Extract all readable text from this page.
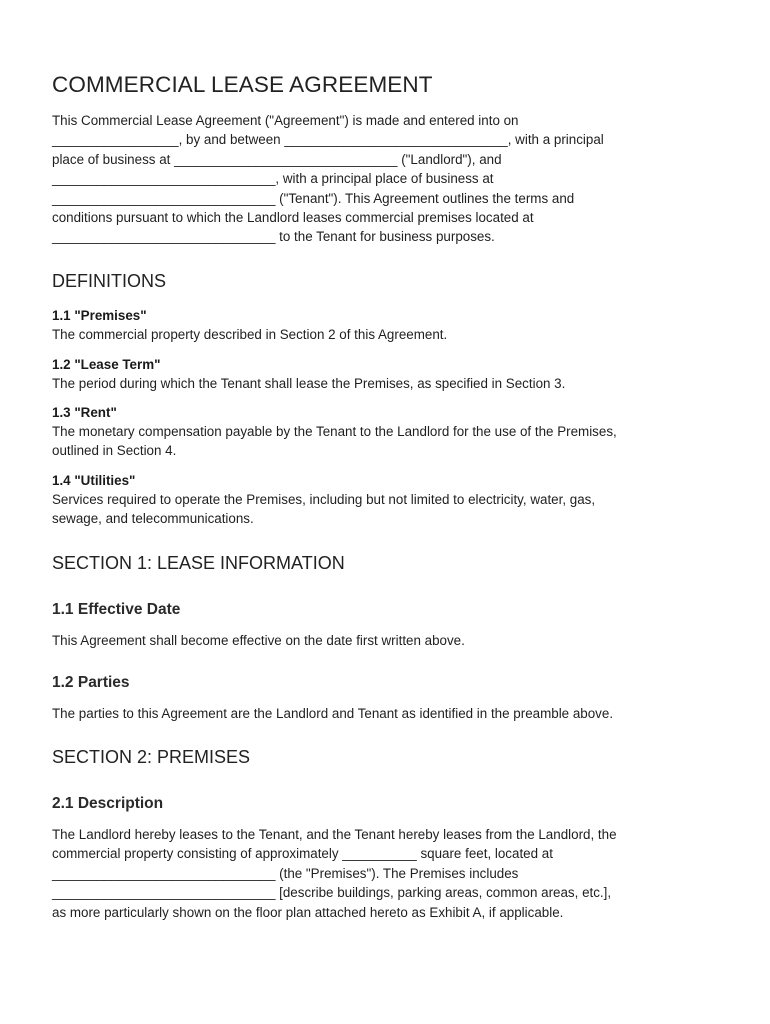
COMMERCIAL LEASE AGREEMENT

This Commercial Lease Agreement ("Agreement") is made and entered into on

_________________, by and between ______________________________, with a principal

place of business at ______________________________ ("Landlord"), and

______________________________, with a principal place of business at

______________________________ ("Tenant"). This Agreement outlines the terms and

conditions pursuant to which the Landlord leases commercial premises located at

______________________________ to the Tenant for business purposes.

DEFINITIONS

1.1 "Premises"

The commercial property described in Section 2 of this Agreement.

1.2 "Lease Term"

The period during which the Tenant shall lease the Premises, as specified in Section 3.

1.3 "Rent"

The monetary compensation payable by the Tenant to the Landlord for the use of the Premises,
outlined in Section 4.

1.4 "Utilities"

Services required to operate the Premises, including but not limited to electricity, water, gas,
sewage, and telecommunications.

SECTION 1: LEASE INFORMATION
1.1 Effective Date

This Agreement shall become effective on the date first written above.

1.2 Parties

The parties to this Agreement are the Landlord and Tenant as identified in the preamble above.

SECTION 2: PREMISES
2.1 Description

The Landlord hereby leases to the Tenant, and the Tenant hereby leases from the Landlord, the

commercial property consisting of approximately __________ square feet, located at

______________________________ (the "Premises"). The Premises includes

______________________________ [describe buildings, parking areas, common areas, etc.],

as more particularly shown on the floor plan attached hereto as Exhibit A, if applicable.
